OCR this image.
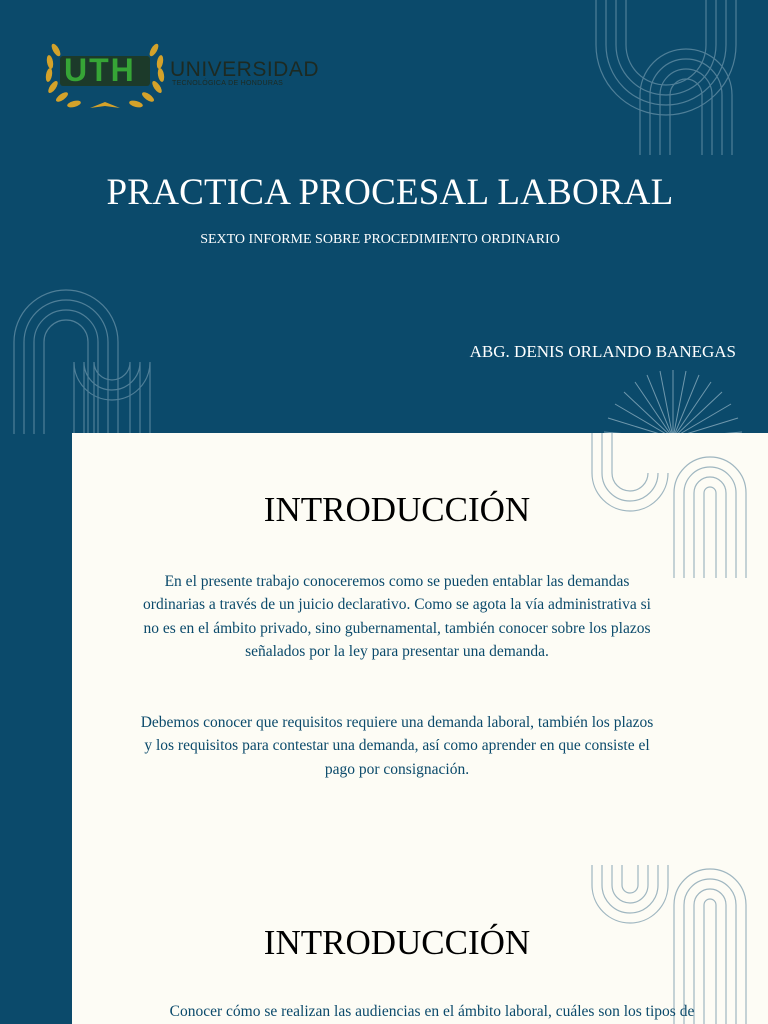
UTH UNIVERSIDAD
TECNOLÓGICA DE HONDURAS
PRACTICA PROCESAL LABORAL
SEXTO INFORME SOBRE PROCEDIMIENTO ORDINARIO
ABG. DENIS ORLANDO BANEGAS
INTRODUCCIÓN

En el presente trabajo conoceremos como se pueden entablar las demandas ordinarias a través de un juicio declarativo. Como se agota la vía administrativa si no es en el ámbito privado, sino gubernamental, también conocer sobre los plazos señalados por la ley para presentar una demanda.

Debemos conocer que requisitos requiere una demanda laboral, también los plazos y los requisitos para contestar una demanda, así como aprender en que consiste el pago por consignación.

INTRODUCCIÓN

Conocer cómo se realizan las audiencias en el ámbito laboral, cuáles son los tipos de
